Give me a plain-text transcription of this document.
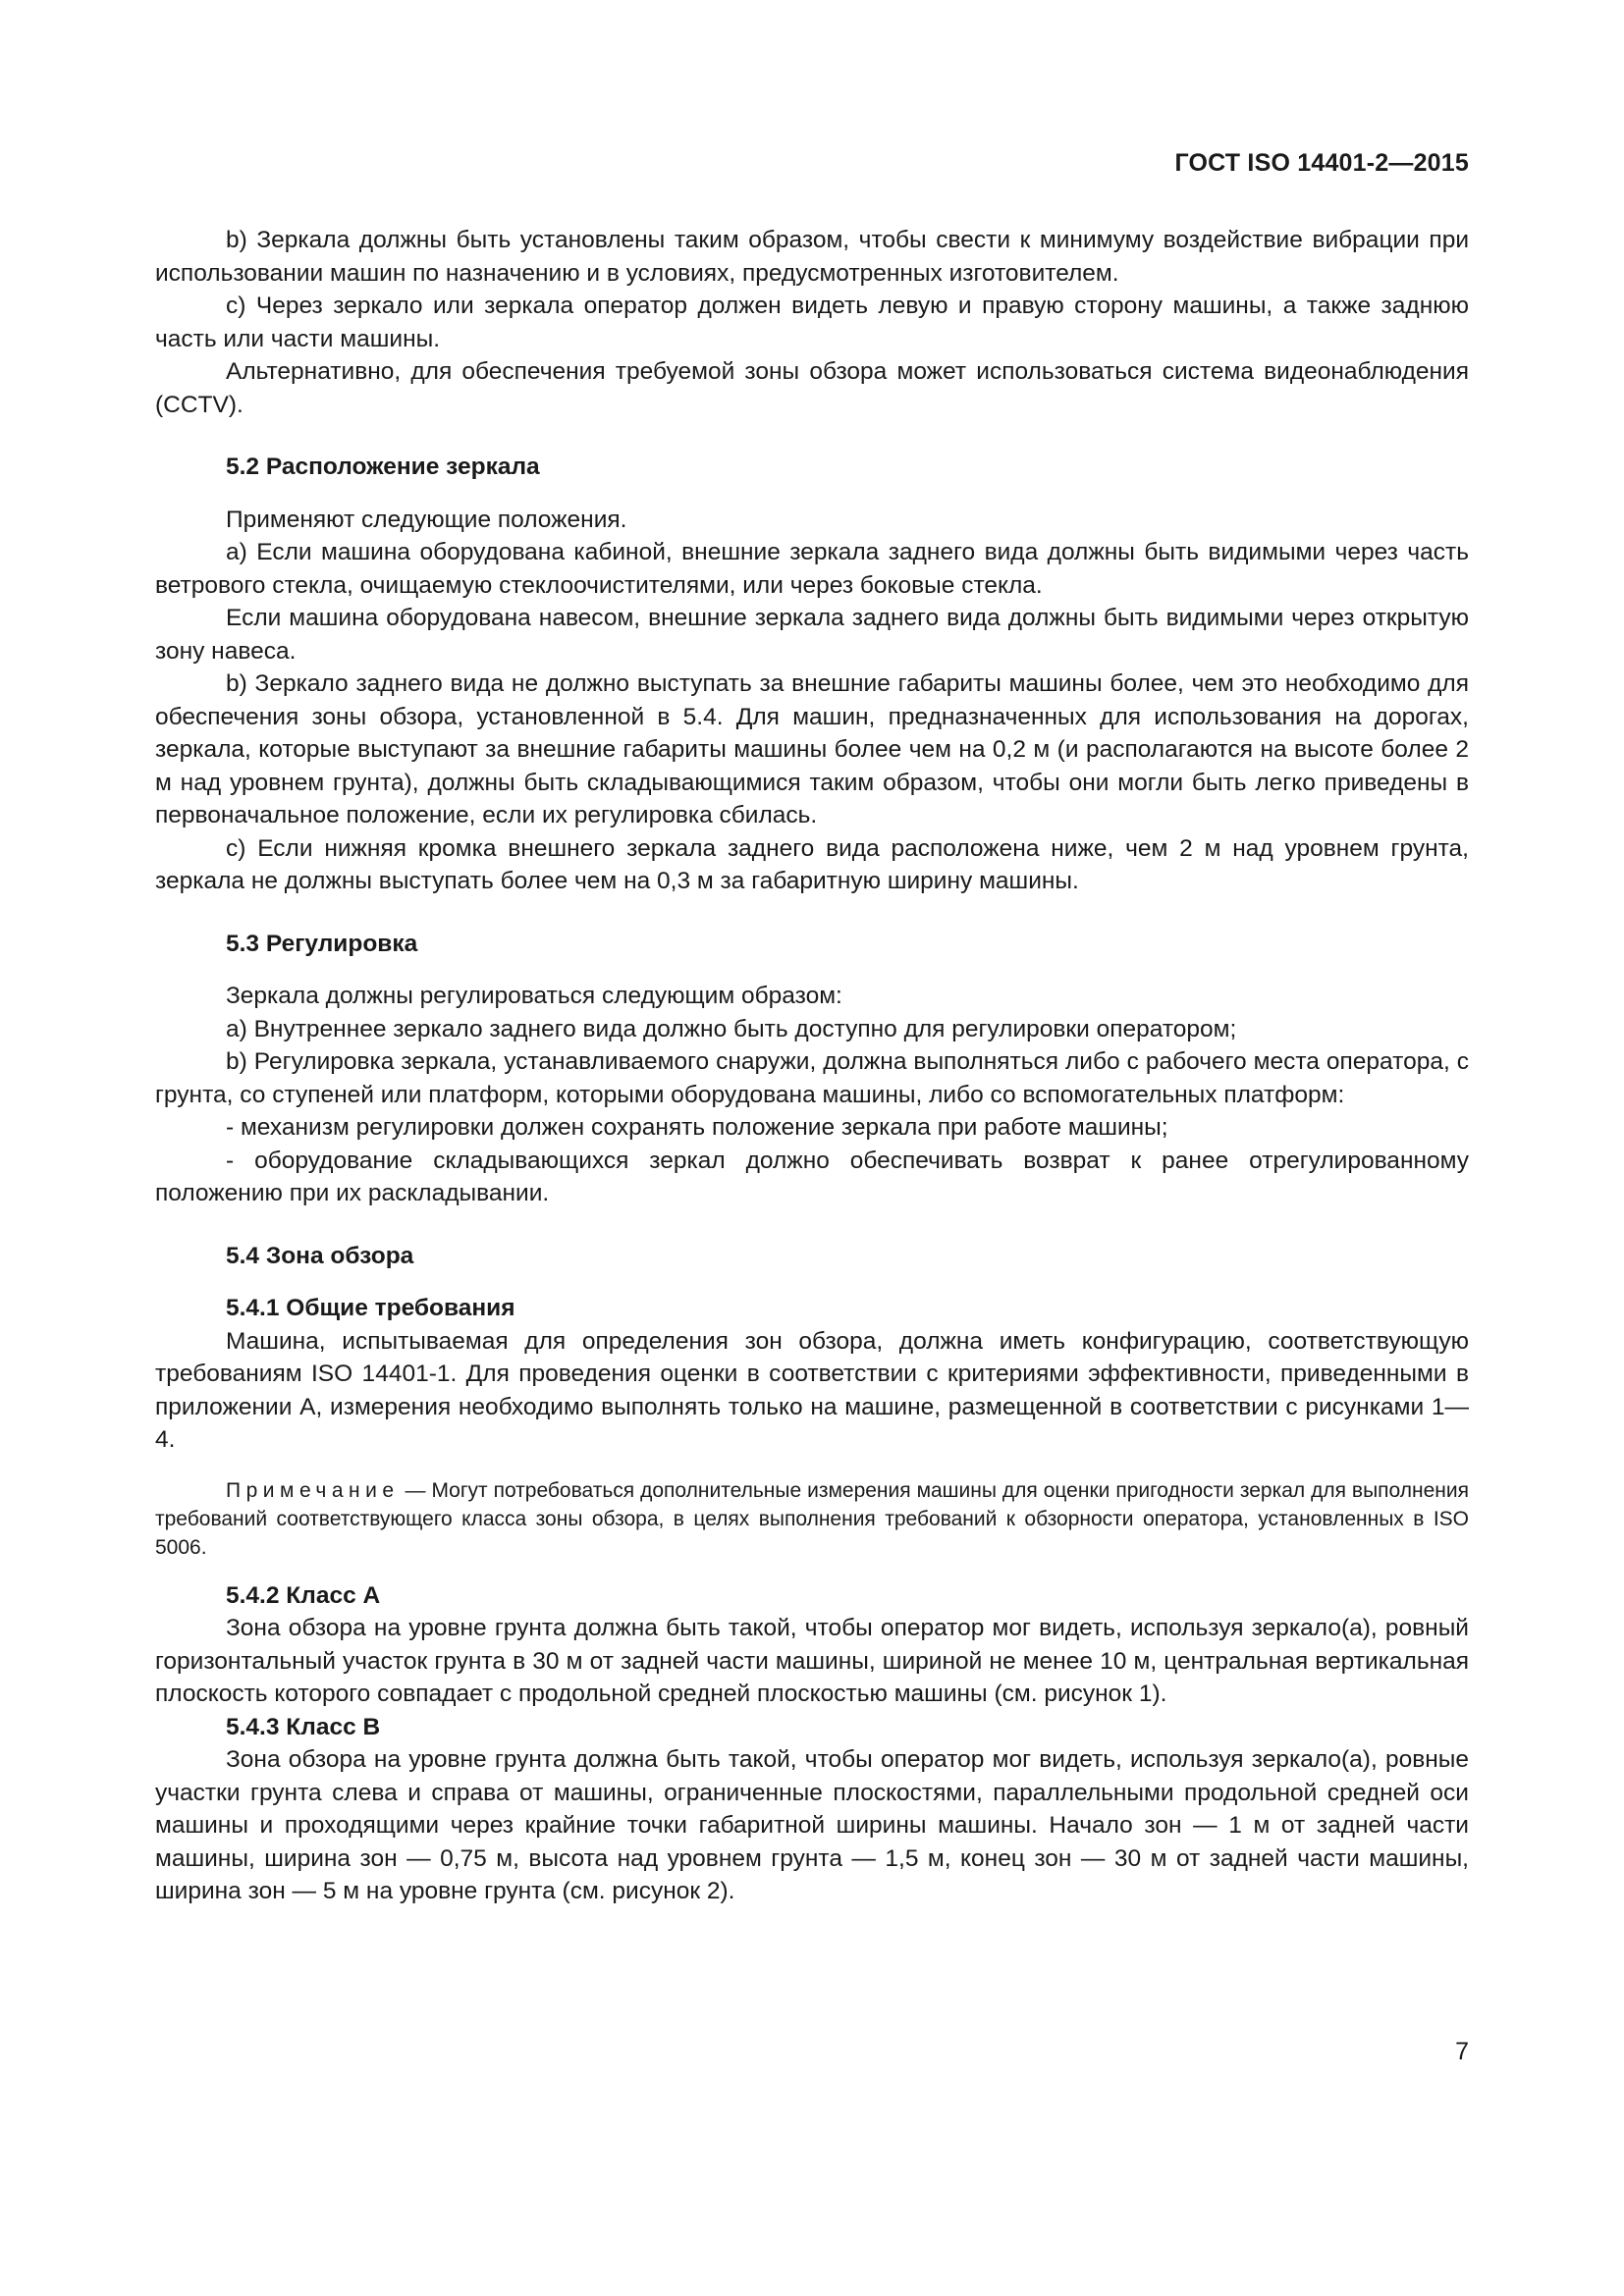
ГОСТ ISO 14401-2—2015

b) Зеркала должны быть установлены таким образом, чтобы свести к минимуму воздействие вибрации при использовании машин по назначению и в условиях, предусмотренных изготовителем.

c) Через зеркало или зеркала оператор должен видеть левую и правую сторону машины, а также заднюю часть или части машины.

Альтернативно, для обеспечения требуемой зоны обзора может использоваться система видеонаблюдения (CCTV).

5.2 Расположение зеркала

Применяют следующие положения.

a) Если машина оборудована кабиной, внешние зеркала заднего вида должны быть видимыми через часть ветрового стекла, очищаемую стеклоочистителями, или через боковые стекла.

Если машина оборудована навесом, внешние зеркала заднего вида должны быть видимыми через открытую зону навеса.

b) Зеркало заднего вида не должно выступать за внешние габариты машины более, чем это необходимо для обеспечения зоны обзора, установленной в 5.4. Для машин, предназначенных для использования на дорогах, зеркала, которые выступают за внешние габариты машины более чем на 0,2 м (и располагаются на высоте более 2 м над уровнем грунта), должны быть складывающимися таким образом, чтобы они могли быть легко приведены в первоначальное положение, если их регулировка сбилась.

c) Если нижняя кромка внешнего зеркала заднего вида расположена ниже, чем 2 м над уровнем грунта, зеркала не должны выступать более чем на 0,3 м за габаритную ширину машины.

5.3 Регулировка

Зеркала должны регулироваться следующим образом:

a) Внутреннее зеркало заднего вида должно быть доступно для регулировки оператором;

b) Регулировка зеркала, устанавливаемого снаружи, должна выполняться либо с рабочего места оператора, с грунта, со ступеней или платформ, которыми оборудована машины, либо со вспомогательных платформ:

- механизм регулировки должен сохранять положение зеркала при работе машины;

- оборудование складывающихся зеркал должно обеспечивать возврат к ранее отрегулированному положению при их раскладывании.

5.4 Зона обзора
5.4.1 Общие требования

Машина, испытываемая для определения зон обзора, должна иметь конфигурацию, соответствующую требованиям ISO 14401-1. Для проведения оценки в соответствии с критериями эффективности, приведенными в приложении А, измерения необходимо выполнять только на машине, размещенной в соответствии с рисунками 1—4.

Примечание — Могут потребоваться дополнительные измерения машины для оценки пригодности зеркал для выполнения требований соответствующего класса зоны обзора, в целях выполнения требований к обзорности оператора, установленных в ISO 5006.
5.4.2 Класс А

Зона обзора на уровне грунта должна быть такой, чтобы оператор мог видеть, используя зеркало(а), ровный горизонтальный участок грунта в 30 м от задней части машины, шириной не менее 10 м, центральная вертикальная плоскость которого совпадает с продольной средней плоскостью машины (см. рисунок 1).

5.4.3 Класс В

Зона обзора на уровне грунта должна быть такой, чтобы оператор мог видеть, используя зеркало(а), ровные участки грунта слева и справа от машины, ограниченные плоскостями, параллельными продольной средней оси машины и проходящими через крайние точки габаритной ширины машины. Начало зон — 1 м от задней части машины, ширина зон — 0,75 м, высота над уровнем грунта — 1,5 м, конец зон — 30 м от задней части машины, ширина зон — 5 м на уровне грунта (см. рисунок 2).

7
